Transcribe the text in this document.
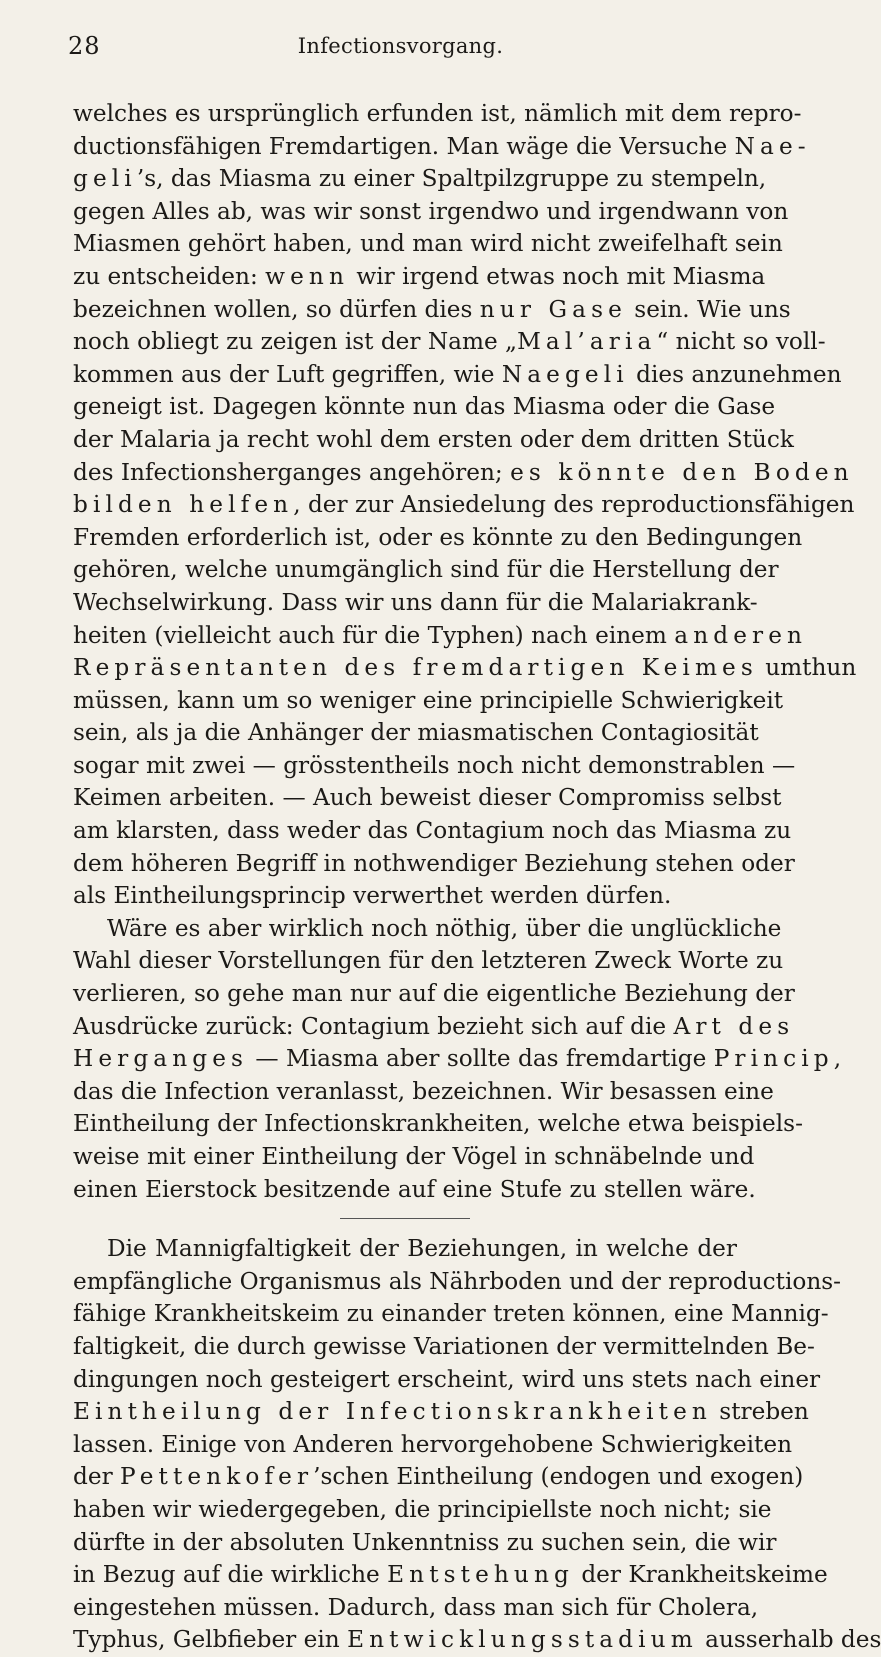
28	Infectionsvorgang.
welches es ursprünglich erfunden ist, nämlich mit dem repro-
ductionsfähigen Fremdartigen. Man wäge die Versuche Nae-
geli’s, das Miasma zu einer Spaltpilzgruppe zu stempeln,
gegen Alles ab, was wir sonst irgendwo und irgendwann von
Miasmen gehört haben, und man wird nicht zweifelhaft sein
zu entscheiden: wenn wir irgend etwas noch mit Miasma
bezeichnen wollen, so dürfen dies nur Gase sein. Wie uns
noch obliegt zu zeigen ist der Name „Mal’aria“ nicht so voll-
kommen aus der Luft gegriffen, wie Naegeli dies anzunehmen
geneigt ist. Dagegen könnte nun das Miasma oder die Gase
der Malaria ja recht wohl dem ersten oder dem dritten Stück
des Infectionsherganges angehören; es könnte den Boden
bilden helfen, der zur Ansiedelung des reproductionsfähigen
Fremden erforderlich ist, oder es könnte zu den Bedingungen
gehören, welche unumgänglich sind für die Herstellung der
Wechselwirkung. Dass wir uns dann für die Malariakrank-
heiten (vielleicht auch für die Typhen) nach einem anderen
Repräsentanten des fremdartigen Keimes umthun
müssen, kann um so weniger eine principielle Schwierigkeit
sein, als ja die Anhänger der miasmatischen Contagiosität
sogar mit zwei — grösstentheils noch nicht demonstrablen —
Keimen arbeiten. — Auch beweist dieser Compromiss selbst
am klarsten, dass weder das Contagium noch das Miasma zu
dem höheren Begriff in nothwendiger Beziehung stehen oder
als Eintheilungsprincip verwerthet werden dürfen.
Wäre es aber wirklich noch nöthig, über die unglückliche
Wahl dieser Vorstellungen für den letzteren Zweck Worte zu
verlieren, so gehe man nur auf die eigentliche Beziehung der
Ausdrücke zurück: Contagium bezieht sich auf die Art des
Herganges — Miasma aber sollte das fremdartige Princip,
das die Infection veranlasst, bezeichnen. Wir besassen eine
Eintheilung der Infectionskrankheiten, welche etwa beispiels-
weise mit einer Eintheilung der Vögel in schnäbelnde und
einen Eierstock besitzende auf eine Stufe zu stellen wäre.
Die Mannigfaltigkeit der Beziehungen, in welche der
empfängliche Organismus als Nährboden und der reproductions-
fähige Krankheitskeim zu einander treten können, eine Mannig-
faltigkeit, die durch gewisse Variationen der vermittelnden Be-
dingungen noch gesteigert erscheint, wird uns stets nach einer
Eintheilung der Infectionskrankheiten streben
lassen. Einige von Anderen hervorgehobene Schwierigkeiten
der Pettenkofer’schen Eintheilung (endogen und exogen)
haben wir wiedergegeben, die principiellste noch nicht; sie
dürfte in der absoluten Unkenntniss zu suchen sein, die wir
in Bezug auf die wirkliche Entstehung der Krankheitskeime
eingestehen müssen. Dadurch, dass man sich für Cholera,
Typhus, Gelbfieber ein Entwicklungsstadium ausserhalb des
